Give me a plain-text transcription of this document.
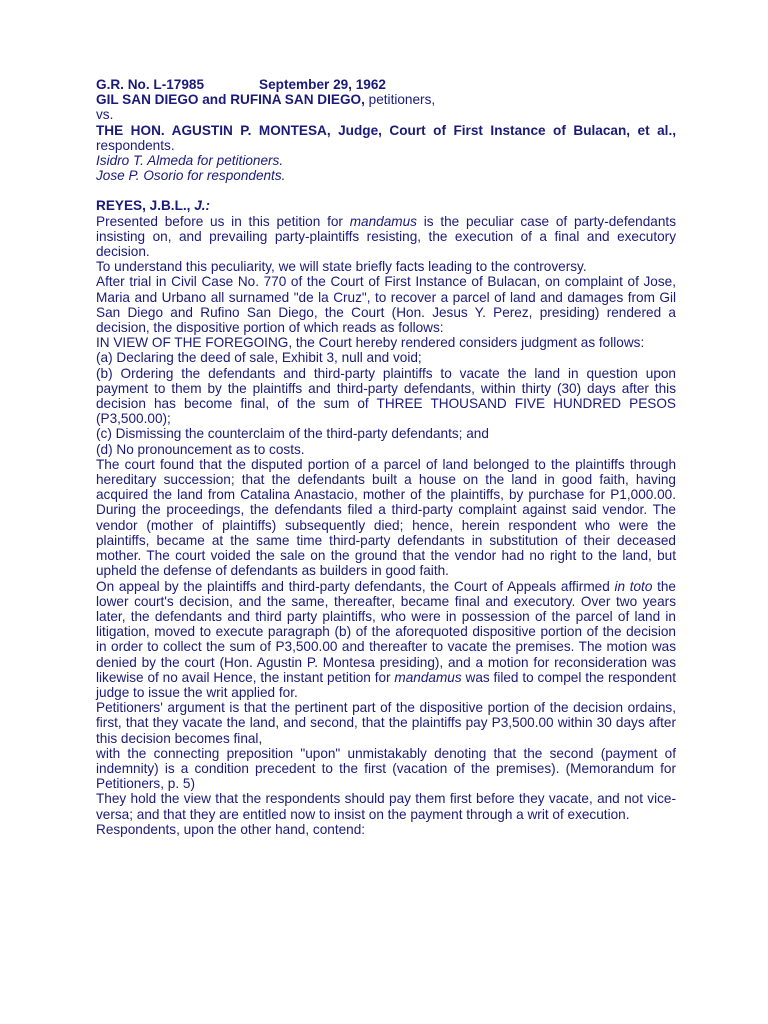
G.R. No. L-17985	September 29, 1962
GIL SAN DIEGO and RUFINA SAN DIEGO, petitioners,
vs.
THE HON. AGUSTIN P. MONTESA, Judge, Court of First Instance of Bulacan, et al., respondents.
Isidro T. Almeda for petitioners.
Jose P. Osorio for respondents.
REYES, J.B.L., J.:
Presented before us in this petition for mandamus is the peculiar case of party-defendants insisting on, and prevailing party-plaintiffs resisting, the execution of a final and executory decision.
To understand this peculiarity, we will state briefly facts leading to the controversy.
After trial in Civil Case No. 770 of the Court of First Instance of Bulacan, on complaint of Jose, Maria and Urbano all surnamed "de la Cruz", to recover a parcel of land and damages from Gil San Diego and Rufino San Diego, the Court (Hon. Jesus Y. Perez, presiding) rendered a decision, the dispositive portion of which reads as follows:
IN VIEW OF THE FOREGOING, the Court hereby rendered considers judgment as follows:
(a) Declaring the deed of sale, Exhibit 3, null and void;
(b) Ordering the defendants and third-party plaintiffs to vacate the land in question upon payment to them by the plaintiffs and third-party defendants, within thirty (30) days after this decision has become final, of the sum of THREE THOUSAND FIVE HUNDRED PESOS (P3,500.00);
(c) Dismissing the counterclaim of the third-party defendants; and
(d) No pronouncement as to costs.
The court found that the disputed portion of a parcel of land belonged to the plaintiffs through hereditary succession; that the defendants built a house on the land in good faith, having acquired the land from Catalina Anastacio, mother of the plaintiffs, by purchase for P1,000.00. During the proceedings, the defendants filed a third-party complaint against said vendor. The vendor (mother of plaintiffs) subsequently died; hence, herein respondent who were the plaintiffs, became at the same time third-party defendants in substitution of their deceased mother. The court voided the sale on the ground that the vendor had no right to the land, but upheld the defense of defendants as builders in good faith.
On appeal by the plaintiffs and third-party defendants, the Court of Appeals affirmed in toto the lower court's decision, and the same, thereafter, became final and executory. Over two years later, the defendants and third party plaintiffs, who were in possession of the parcel of land in litigation, moved to execute paragraph (b) of the aforequoted dispositive portion of the decision in order to collect the sum of P3,500.00 and thereafter to vacate the premises. The motion was denied by the court (Hon. Agustin P. Montesa presiding), and a motion for reconsideration was likewise of no avail Hence, the instant petition for mandamus was filed to compel the respondent judge to issue the writ applied for.
Petitioners' argument is that the pertinent part of the dispositive portion of the decision ordains, first, that they vacate the land, and second, that the plaintiffs pay P3,500.00 within 30 days after this decision becomes final,
with the connecting preposition "upon" unmistakably denoting that the second (payment of indemnity) is a condition precedent to the first (vacation of the premises). (Memorandum for Petitioners, p. 5)
They hold the view that the respondents should pay them first before they vacate, and not vice-versa; and that they are entitled now to insist on the payment through a writ of execution.
Respondents, upon the other hand, contend:
